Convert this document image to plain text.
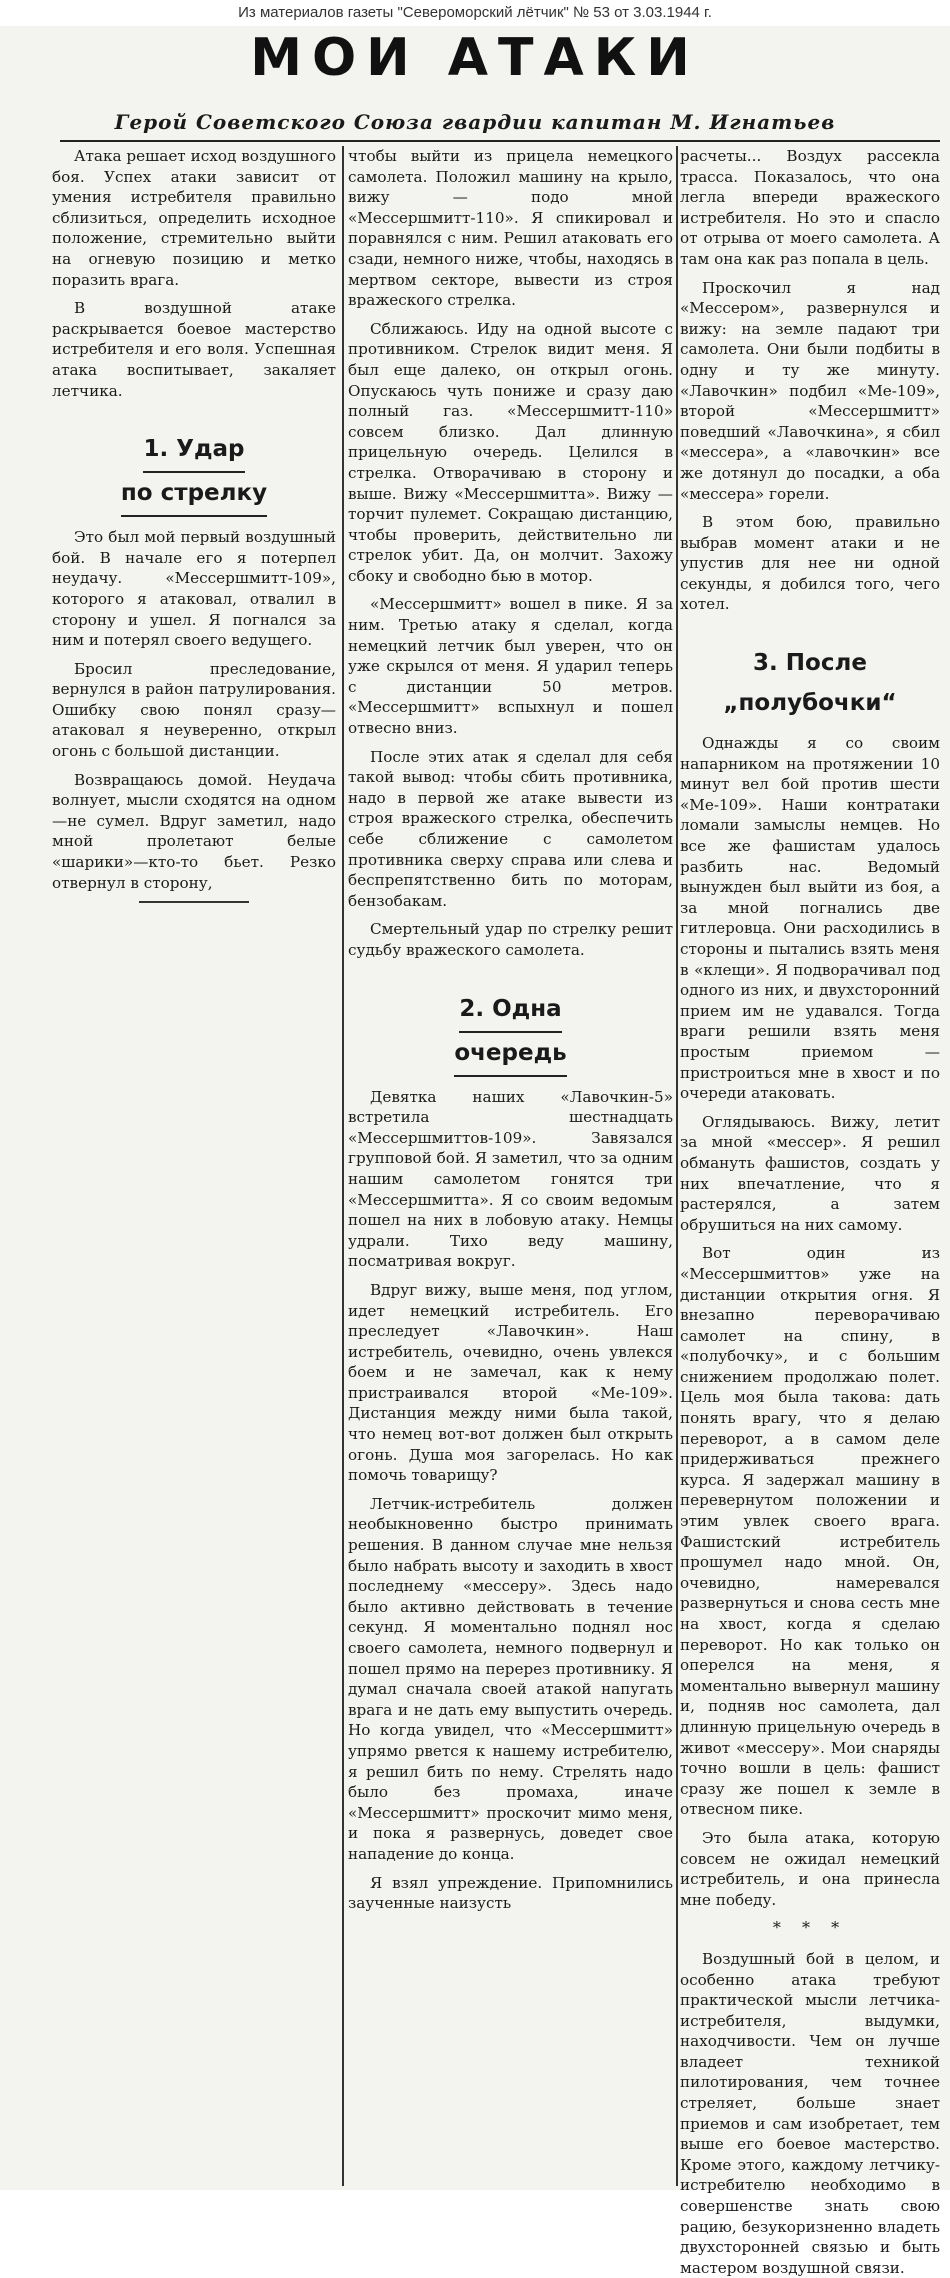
Из материалов газеты "Североморский лётчик" № 53 от 3.03.1944 г.
МОИ АТАКИ
Герой Советского Союза гвардии капитан М. Игнатьев

Атака решает исход воздушного боя. Успех атаки зависит от умения истребителя правильно сблизиться, определить исходное положение, стремительно выйти на огневую позицию и метко поразить врага.

В воздушной атаке раскрывается боевое мастерство истребителя и его воля. Успешная атака воспитывает, закаляет летчика.

1. Удар
по стрелку

Это был мой первый воздушный бой. В начале его я потерпел неудачу. «Мессершмитт-109», которого я атаковал, отвалил в сторону и ушел. Я погнался за ним и потерял своего ведущего.

Бросил преследование, вернулся в район патрулирования. Ошибку свою понял сразу—атаковал я неуверенно, открыл огонь с большой дистанции.

Возвращаюсь домой. Неудача волнует, мысли сходятся на одном—не сумел. Вдруг заметил, надо мной пролетают белые «шарики»—кто-то бьет. Резко отвернул в сторону,

чтобы выйти из прицела немецкого самолета. Положил машину на крыло, вижу — подо мной «Мессершмитт-110». Я спикировал и поравнялся с ним. Решил атаковать его сзади, немного ниже, чтобы, находясь в мертвом секторе, вывести из строя вражеского стрелка.

Сближаюсь. Иду на одной высоте с противником. Стрелок видит меня. Я был еще далеко, он открыл огонь. Опускаюсь чуть пониже и сразу даю полный газ. «Мессершмитт-110» совсем близко. Дал длинную прицельную очередь. Целился в стрелка. Отворачиваю в сторону и выше. Вижу «Мессершмитта». Вижу — торчит пулемет. Сокращаю дистанцию, чтобы проверить, действительно ли стрелок убит. Да, он молчит. Захожу сбоку и свободно бью в мотор.

«Мессершмитт» вошел в пике. Я за ним. Третью атаку я сделал, когда немецкий летчик был уверен, что он уже скрылся от меня. Я ударил теперь с дистанции 50 метров. «Мессершмитт» вспыхнул и пошел отвесно вниз.

После этих атак я сделал для себя такой вывод: чтобы сбить противника, надо в первой же атаке вывести из строя вражеского стрелка, обеспечить себе сближение с самолетом противника сверху справа или слева и беспрепятственно бить по моторам, бензобакам.

Смертельный удар по стрелку решит судьбу вражеского самолета.

2. Одна
очередь

Девятка наших «Лавочкин-5» встретила шестнадцать «Мессершмиттов-109». Завязался групповой бой. Я заметил, что за одним нашим самолетом гонятся три «Мессершмитта». Я со своим ведомым пошел на них в лобовую атаку. Немцы удрали. Тихо веду машину, посматривая вокруг.

Вдруг вижу, выше меня, под углом, идет немецкий истребитель. Его преследует «Лавочкин». Наш истребитель, очевидно, очень увлекся боем и не замечал, как к нему пристраивался второй «Ме-109». Дистанция между ними была такой, что немец вот-вот должен был открыть огонь. Душа моя загорелась. Но как помочь товарищу?

Летчик-истребитель должен необыкновенно быстро принимать решения. В данном случае мне нельзя было набрать высоту и заходить в хвост последнему «мессеру». Здесь надо было активно действовать в течение секунд. Я моментально поднял нос своего самолета, немного подвернул и пошел прямо на перерез противнику. Я думал сначала своей атакой напугать врага и не дать ему выпустить очередь. Но когда увидел, что «Мессершмитт» упрямо рвется к нашему истребителю, я решил бить по нему. Стрелять надо было без промаха, иначе «Мессершмитт» проскочит мимо меня, и пока я развернусь, доведет свое нападение до конца.

Я взял упреждение. Припомнились заученные наизусть

расчеты... Воздух рассекла трасса. Показалось, что она легла впереди вражеского истребителя. Но это и спасло от отрыва от моего самолета. А там она как раз попала в цель.

Проскочил я над «Мессером», развернулся и вижу: на земле падают три самолета. Они были подбиты в одну и ту же минуту. «Лавочкин» подбил «Ме-109», второй «Мессершмитт» поведший «Лавочкина», я сбил «мессера», а «лавочкин» все же дотянул до посадки, а оба «мессера» горели.

В этом бою, правильно выбрав момент атаки и не упустив для нее ни одной секунды, я добился того, чего хотел.

3. После
„полубочки“

Однажды я со своим напарником на протяжении 10 минут вел бой против шести «Ме-109». Наши контратаки ломали замыслы немцев. Но все же фашистам удалось разбить нас. Ведомый вынужден был выйти из боя, а за мной погнались две гитлеровца. Они расходились в стороны и пытались взять меня в «клещи». Я подворачивал под одного из них, и двухсторонний прием им не удавался. Тогда враги решили взять меня простым приемом — пристроиться мне в хвост и по очереди атаковать.

Оглядываюсь. Вижу, летит за мной «мессер». Я решил обмануть фашистов, создать у них впечатление, что я растерялся, а затем обрушиться на них самому.

Вот один из «Мессершмиттов» уже на дистанции открытия огня. Я внезапно переворачиваю самолет на спину, в «полубочку», и с большим снижением продолжаю полет. Цель моя была такова: дать понять врагу, что я делаю переворот, а в самом деле придерживаться прежнего курса. Я задержал машину в перевернутом положении и этим увлек своего врага. Фашистский истребитель прошумел надо мной. Он, очевидно, намеревался развернуться и снова сесть мне на хвост, когда я сделаю переворот. Но как только он оперелся на меня, я моментально вывернул машину и, подняв нос самолета, дал длинную прицельную очередь в живот «мессеру». Мои снаряды точно вошли в цель: фашист сразу же пошел к земле в отвесном пике.

Это была атака, которую совсем не ожидал немецкий истребитель, и она принесла мне победу.

* * *

Воздушный бой в целом, и особенно атака требуют практической мысли летчика-истребителя, выдумки, находчивости. Чем он лучше владеет техникой пилотирования, чем точнее стреляет, больше знает приемов и сам изобретает, тем выше его боевое мастерство. Кроме этого, каждому летчику-истребителю необходимо в совершенстве знать свою рацию, безукоризненно владеть двухсторонней связью и быть мастером воздушной связи.
